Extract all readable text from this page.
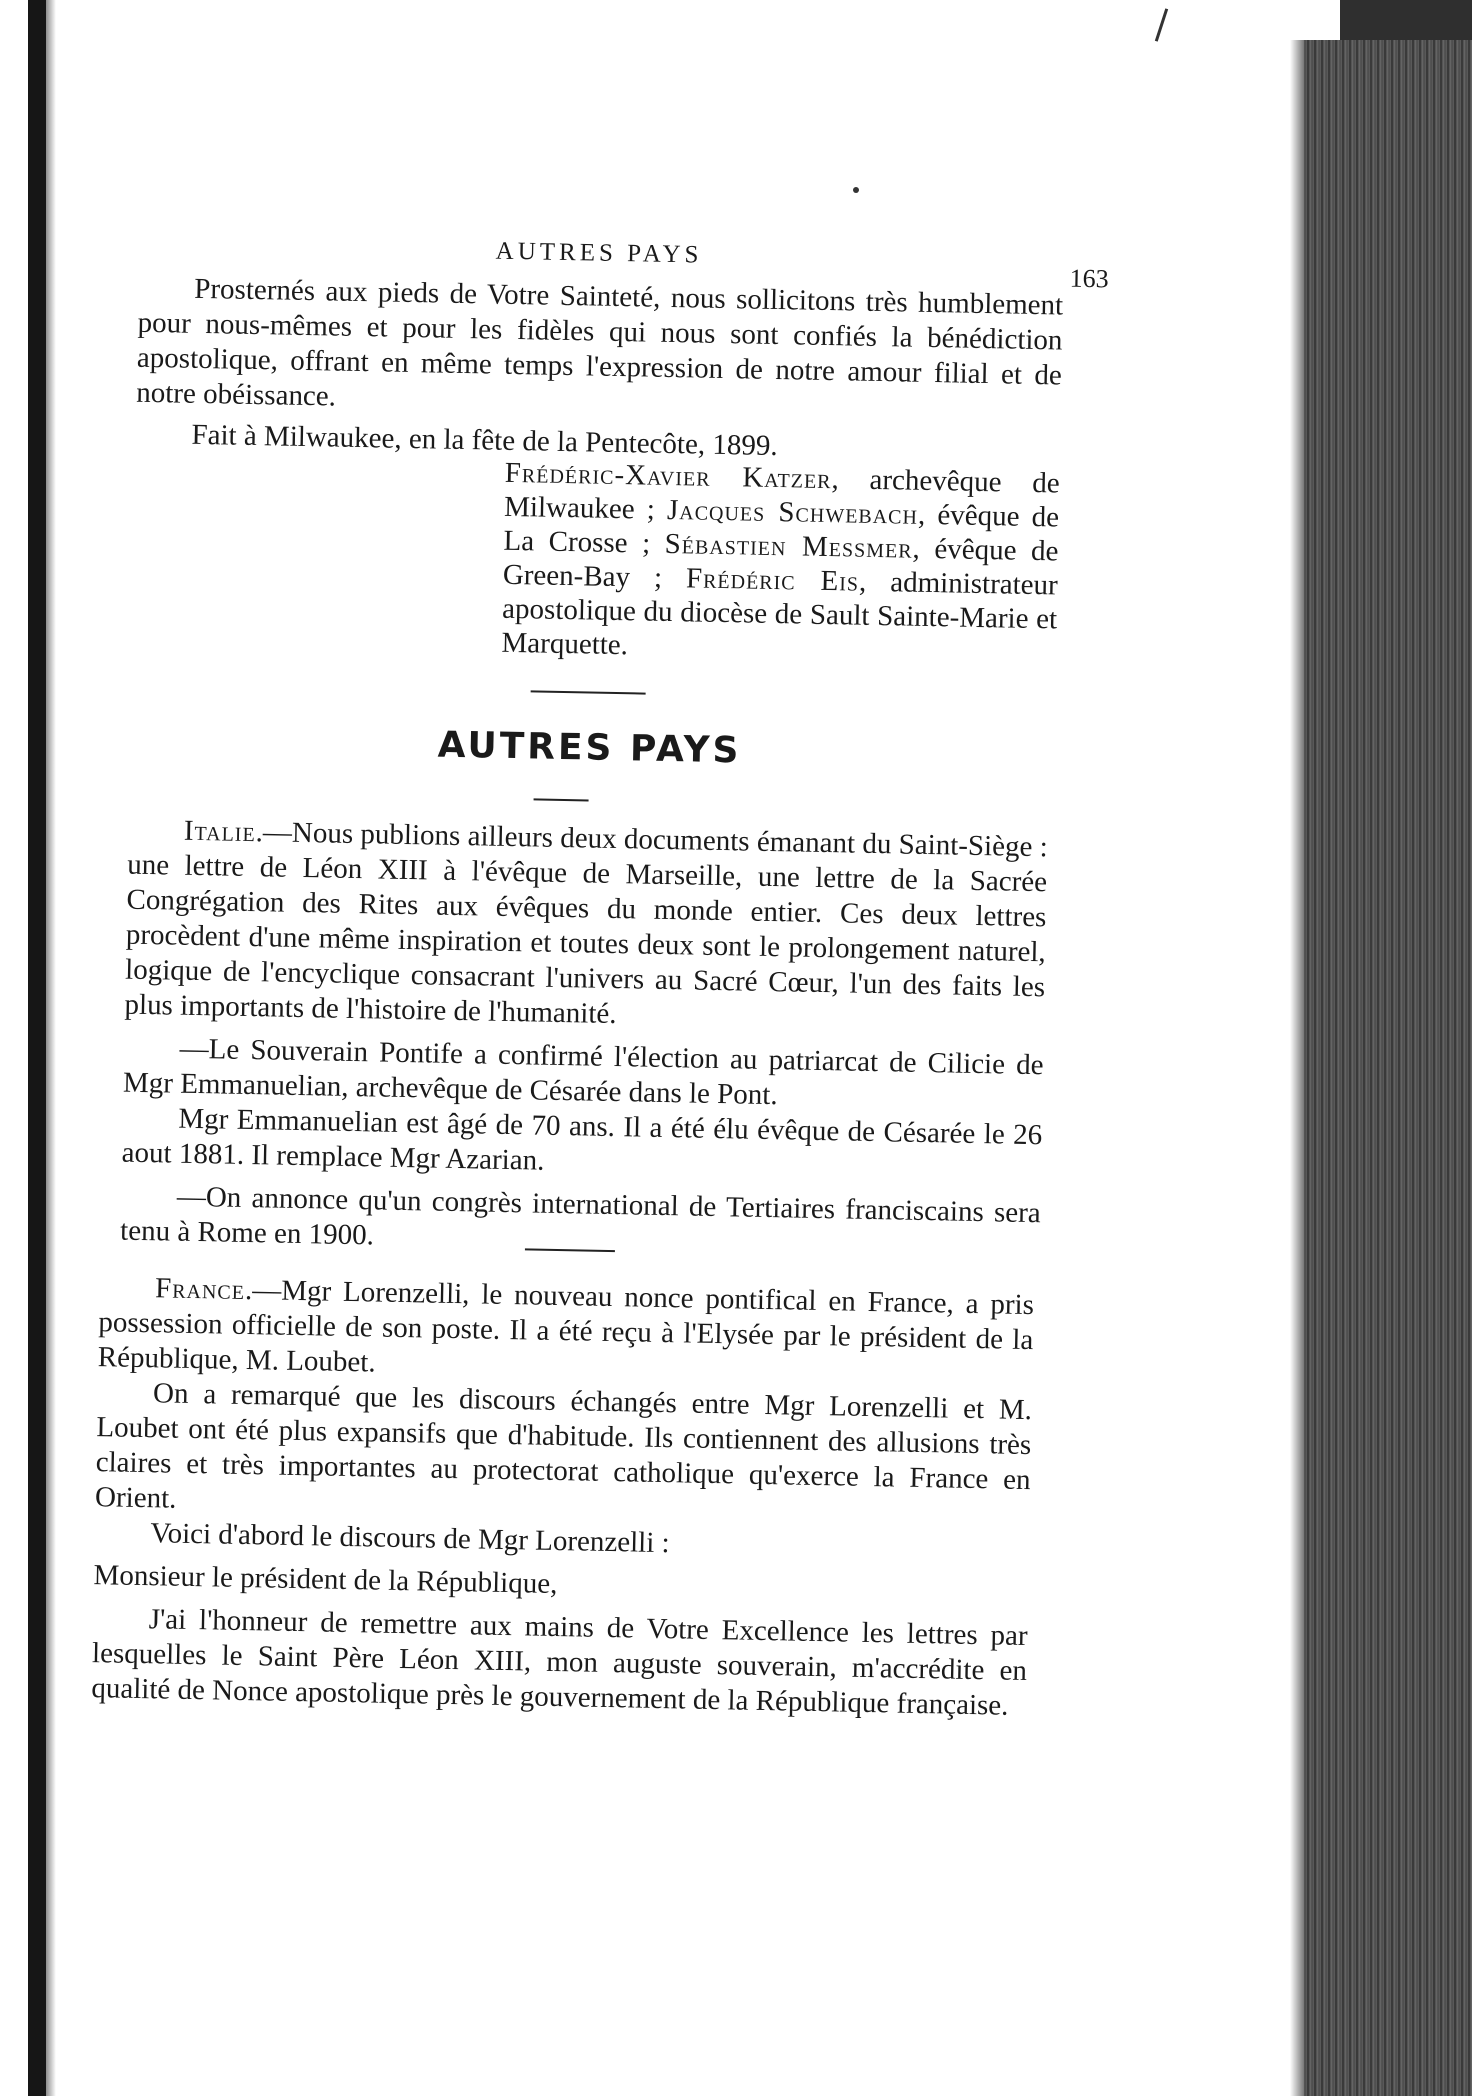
AUTRES PAYS
163

Prosternés aux pieds de Votre Sainteté, nous sollicitons très humblement pour nous-mêmes et pour les fidèles qui nous sont confiés la bénédiction apostolique, offrant en même temps l'expression de notre amour filial et de notre obéissance.

Fait à Milwaukee, en la fête de la Pentecôte, 1899.

Frédéric-Xavier Katzer, archevêque de Milwaukee ; Jacques Schwebach, évêque de La Crosse ; Sébastien Messmer, évêque de Green-Bay ; Frédéric Eis, administrateur apostolique du diocèse de Sault Sainte-Marie et Marquette.
AUTRES PAYS

Italie.—Nous publions ailleurs deux documents émanant du Saint-Siège : une lettre de Léon XIII à l'évêque de Marseille, une lettre de la Sacrée Congrégation des Rites aux évêques du monde entier. Ces deux lettres procèdent d'une même inspiration et toutes deux sont le prolongement naturel, logique de l'encyclique consacrant l'univers au Sacré Cœur, l'un des faits les plus importants de l'histoire de l'humanité.

—Le Souverain Pontife a confirmé l'élection au patriarcat de Cilicie de Mgr Emmanuelian, archevêque de Césarée dans le Pont.

Mgr Emmanuelian est âgé de 70 ans. Il a été élu évêque de Césarée le 26 aout 1881. Il remplace Mgr Azarian.

—On annonce qu'un congrès international de Tertiaires franciscains sera tenu à Rome en 1900.

France.—Mgr Lorenzelli, le nouveau nonce pontifical en France, a pris possession officielle de son poste. Il a été reçu à l'Elysée par le président de la République, M. Loubet.

On a remarqué que les discours échangés entre Mgr Lorenzelli et M. Loubet ont été plus expansifs que d'habitude. Ils contiennent des allusions très claires et très importantes au protectorat catholique qu'exerce la France en Orient.

Voici d'abord le discours de Mgr Lorenzelli :

Monsieur le président de la République,

J'ai l'honneur de remettre aux mains de Votre Excellence les lettres par lesquelles le Saint Père Léon XIII, mon auguste souverain, m'accrédite en qualité de Nonce apostolique près le gouvernement de la République française.
